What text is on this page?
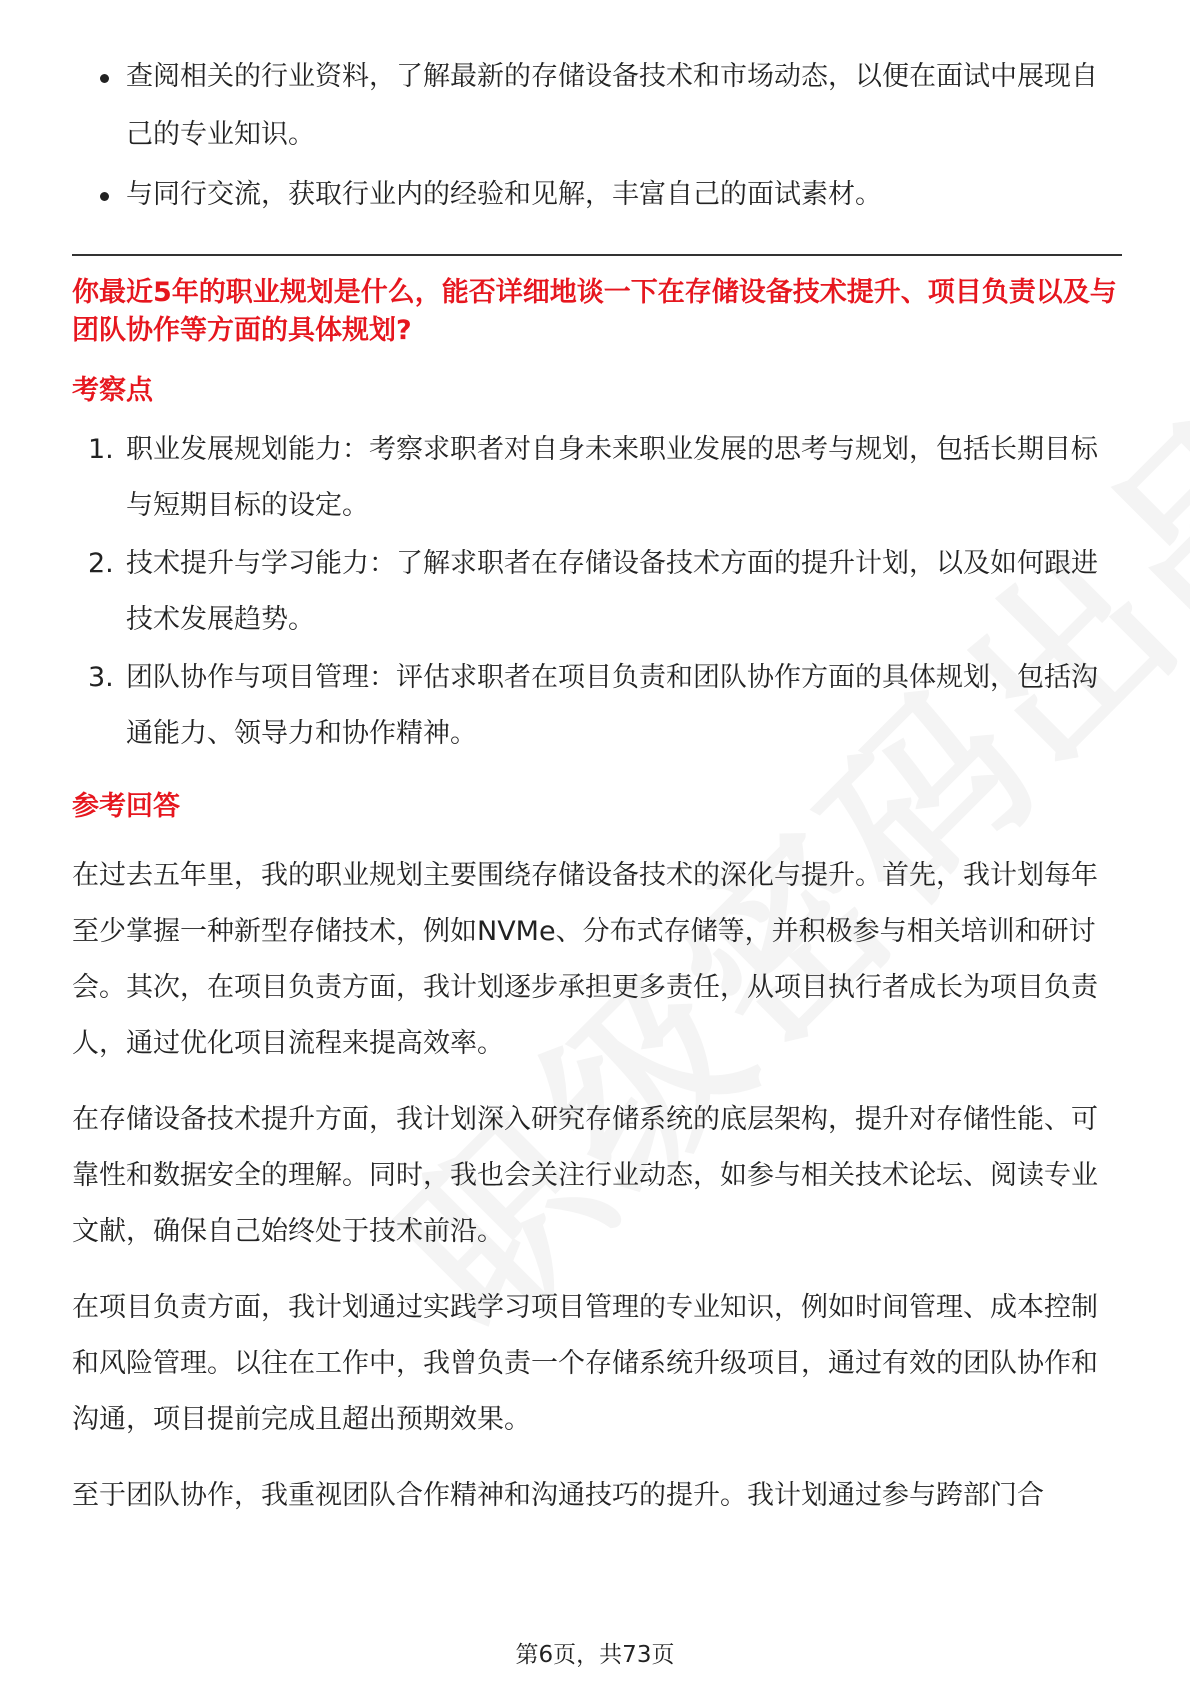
查阅相关的行业资料，了解最新的存储设备技术和市场动态，以便在面试中展现自己的专业知识。
与同行交流，获取行业内的经验和见解，丰富自己的面试素材。
你最近5年的职业规划是什么，能否详细地谈一下在存储设备技术提升、项目负责以及与团队协作等方面的具体规划?
考察点
1. 职业发展规划能力：考察求职者对自身未来职业发展的思考与规划，包括长期目标与短期目标的设定。
2. 技术提升与学习能力：了解求职者在存储设备技术方面的提升计划，以及如何跟进技术发展趋势。
3. 团队协作与项目管理：评估求职者在项目负责和团队协作方面的具体规划，包括沟通能力、领导力和协作精神。
参考回答

在过去五年里，我的职业规划主要围绕存储设备技术的深化与提升。首先，我计划每年至少掌握一种新型存储技术，例如NVMe、分布式存储等，并积极参与相关培训和研讨会。其次，在项目负责方面，我计划逐步承担更多责任，从项目执行者成长为项目负责人，通过优化项目流程来提高效率。

在存储设备技术提升方面，我计划深入研究存储系统的底层架构，提升对存储性能、可靠性和数据安全的理解。同时，我也会关注行业动态，如参与相关技术论坛、阅读专业文献，确保自己始终处于技术前沿。

在项目负责方面，我计划通过实践学习项目管理的专业知识，例如时间管理、成本控制和风险管理。以往在工作中，我曾负责一个存储系统升级项目，通过有效的团队协作和沟通，项目提前完成且超出预期效果。

至于团队协作，我重视团队合作精神和沟通技巧的提升。我计划通过参与跨部门合

第6页，共73页
